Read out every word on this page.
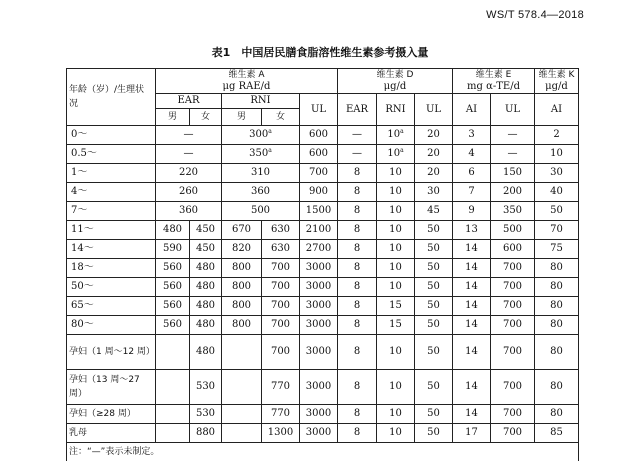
WS/T 578.4—2018
表1　中国居民膳食脂溶性维生素参考摄入量
年龄（岁）/生理状况	维生素 A
μg RAE/d					维生素 D
μg/d			维生素 E
mg α-TE/d		维生素 K
μg/d
	EAR		RNI		UL	EAR	RNI	UL	AI	UL	AI
	男	女	男	女							
0～	—		300$^a$		600	—	10$^a$	20	3	—	2
0.5～	—		350$^a$		600	—	10$^a$	20	4	—	10
1～	220		310		700	8	10	20	6	150	30
4～	260		360		900	8	10	30	7	200	40
7～	360		500		1500	8	10	45	9	350	50
11～	480	450	670	630	2100	8	10	50	13	500	70
14～	590	450	820	630	2700	8	10	50	14	600	75
18～	560	480	800	700	3000	8	10	50	14	700	80
50～	560	480	800	700	3000	8	10	50	14	700	80
65～	560	480	800	700	3000	8	15	50	14	700	80
80～	560	480	800	700	3000	8	15	50	14	700	80
孕妇（1 周～12 周）		480		700	3000	8	10	50	14	700	80
孕妇（13 周～27 周）		530		770	3000	8	10	50	14	700	80
孕妇（≥28 周）		530		770	3000	8	10	50	14	700	80
乳母		880		1300	3000	8	10	50	17	700	85
注：“—”表示未制定。											
